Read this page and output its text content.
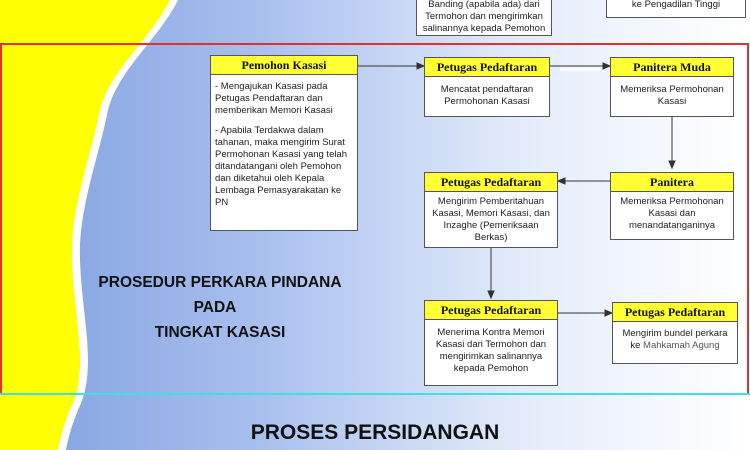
Banding (apabila ada) dari
Termohon dan mengirimkan
salinannya kepada Pemohon
ke Pengadilan Tinggi
Pemohon Kasasi

- Mengajukan Kasasi pada Petugas Pendaftaran dan memberikan Memori Kasasi

- Apabila Terdakwa dalam tahanan, maka mengirim Surat Permohonan Kasasi yang telah ditandatangani oleh Pemohon dan diketahui oleh Kepala Lembaga Pemasyarakatan ke PN

Petugas Pedaftaran
Mencatat pendaftaran Permohonan Kasasi
Panitera Muda
Memeriksa Permohonan Kasasi
Panitera
Memeriksa Permohonan Kasasi dan menandatanganinya
Petugas Pedaftaran
Mengirim Pemberitahuan Kasasi, Memori Kasasi, dan Inzaghe (Pemeriksaan Berkas)
Petugas Pedaftaran
Menerima Kontra Memori Kasasi dari Termohon dan mengirimkan salinannya kepada Pemohon
Petugas Pedaftaran
Mengirim bundel perkara ke Mahkamah Agung
PROSEDUR PERKARA PINDANA
PADA
TINGKAT KASASI
PROSES PERSIDANGAN
